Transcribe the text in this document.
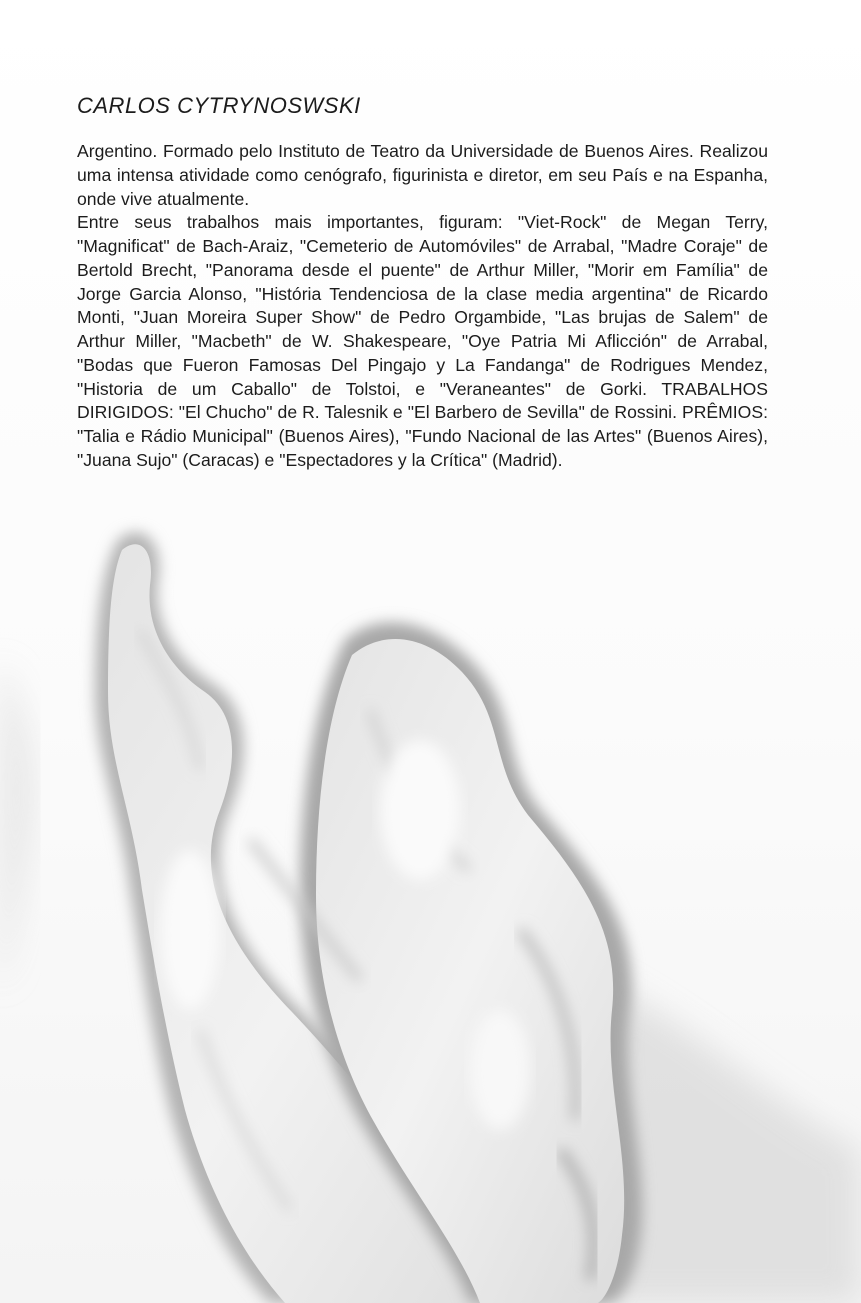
CARLOS CYTRYNOSWSKI

Argentino. Formado pelo Instituto de Teatro da Universidade de Buenos Aires. Realizou uma intensa atividade como cenógrafo, figurinista e diretor, em seu País e na Espanha, onde vive atualmente.

Entre seus trabalhos mais importantes, figuram: "Viet-Rock" de Megan Terry, "Magnificat" de Bach-Araiz, "Cemeterio de Automóviles" de Arrabal, "Madre Coraje" de Bertold Brecht, "Panorama desde el puente" de Arthur Miller, "Morir em Família" de Jorge Garcia Alonso, "História Tendenciosa de la clase media argentina" de Ricardo Monti, "Juan Moreira Super Show" de Pedro Orgambide, "Las brujas de Salem" de Arthur Miller, "Macbeth" de W. Shakespeare, "Oye Patria Mi Aflicción" de Arrabal, "Bodas que Fueron Famosas Del Pingajo y La Fandanga" de Rodrigues Mendez, "Historia de um Caballo" de Tolstoi, e "Veraneantes" de Gorki. TRABALHOS DIRIGIDOS: "El Chucho" de R. Talesnik e "El Barbero de Sevilla" de Rossini. PRÊMIOS: "Talia e Rádio Municipal" (Buenos Aires), "Fundo Nacional de las Artes" (Buenos Aires), "Juana Sujo" (Caracas) e "Espectadores y la Crítica" (Madrid).
